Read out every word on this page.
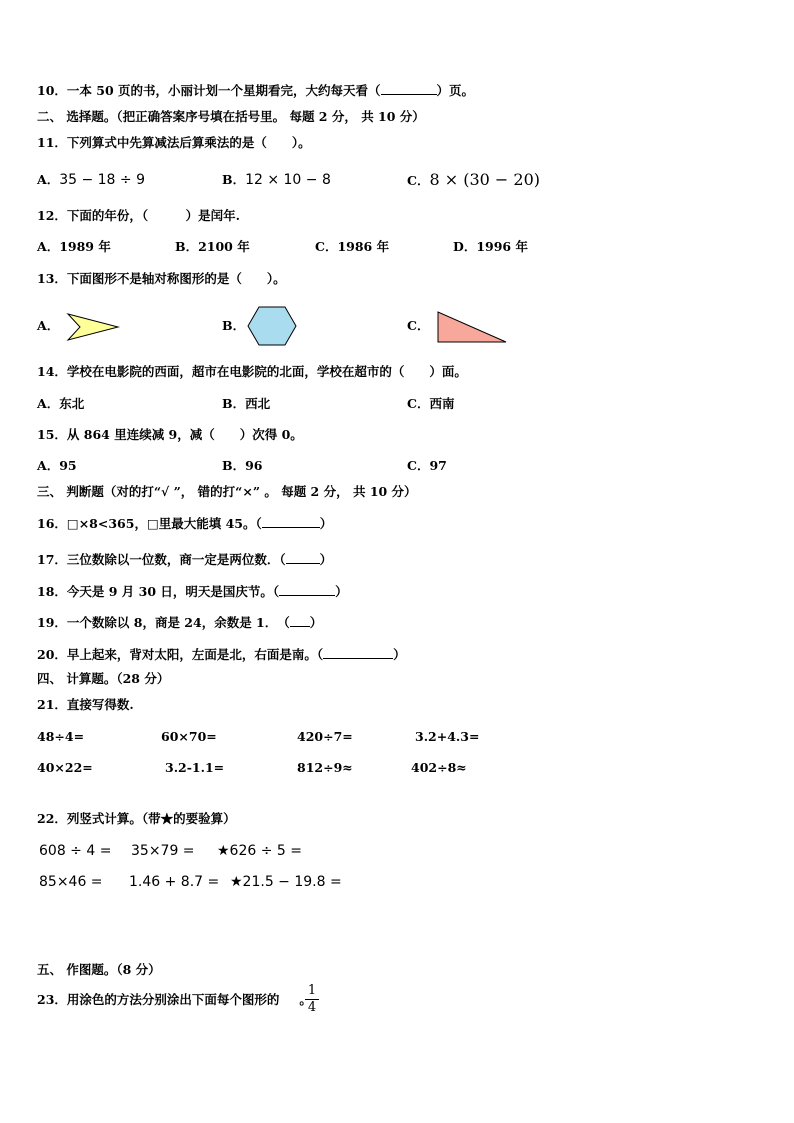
10．一本 50 页的书，小丽计划一个星期看完，大约每天看（	）页。
二、 选择题。（把正确答案序号填在括号里。 每题 2 分， 共 10 分）
11．下列算式中先算减法后算乘法的是（　　）。
A．35 − 18 ÷ 9	B．12 × 10 − 8	C．8 × (30 − 20)
12．下面的年份，（　　　）是闰年.
A．1989 年	B．2100 年	C．1986 年	D．1996 年
13．下面图形不是轴对称图形的是（　　）。
A．	B．	C．
14．学校在电影院的西面，超市在电影院的北面，学校在超市的（　　）面。
A．东北	B．西北	C．西南
15．从 864 里连续减 9，减（　　）次得 0。
A．95	B．96	C．97
三、 判断题（对的打“√ ”， 错的打“×” 。 每题 2 分， 共 10 分）
16．□×8<365，□里最大能填 45。（	）
17．三位数除以一位数，商一定是两位数．（	）
18．今天是 9 月 30 日，明天是国庆节。（	）
19．一个数除以 8，商是 24，余数是 1．　（ ）
20．早上起来，背对太阳，左面是北，右面是南。（	）
四、 计算题。（28 分）
21．直接写得数.
48÷4=	60×70=	420÷7=	3.2+4.3=
40×22=	3.2-1.1=	812÷9≈	402÷8≈
22．列竖式计算。（带★的要验算）
608 ÷ 4 = 35×79 = ★626 ÷ 5 =
85×46 = 1.46 + 8.7 = ★21.5 − 19.8 =
五、 作图题。（8 分）
23．用涂色的方法分别涂出下面每个图形的 。
1
4
